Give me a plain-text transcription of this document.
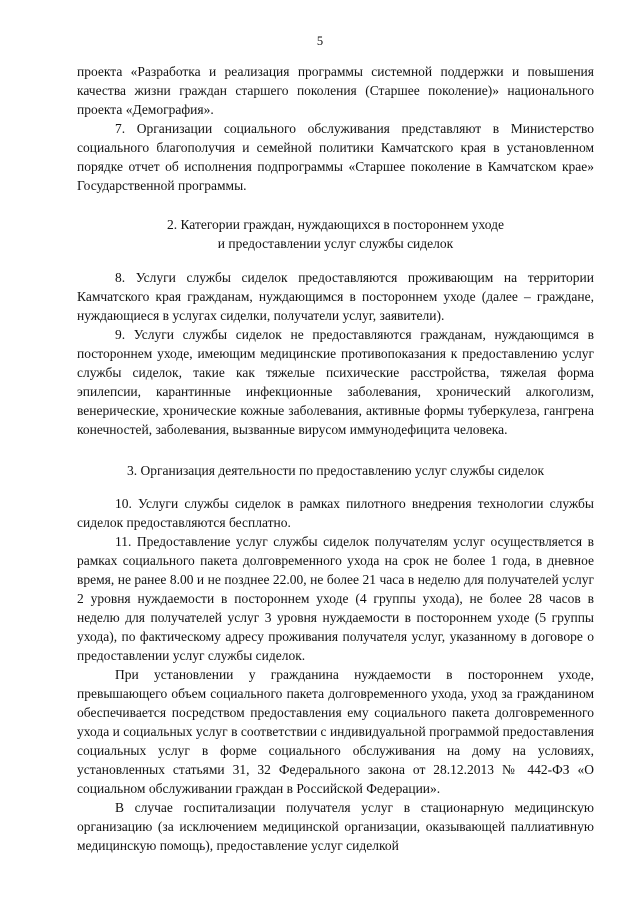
5

проекта «Разработка и реализация программы системной поддержки и повышения качества жизни граждан старшего поколения (Старшее поколение)» национального проекта «Демография».

7. Организации социального обслуживания представляют в Министерство социального благополучия и семейной политики Камчатского края в установленном порядке отчет об исполнения подпрограммы «Старшее поколение в Камчатском крае» Государственной программы.

2. Категории граждан, нуждающихся в постороннем уходе

и предоставлении услуг службы сиделок

8. Услуги службы сиделок предоставляются проживающим на территории Камчатского края гражданам, нуждающимся в постороннем уходе (далее – граждане, нуждающиеся в услугах сиделки, получатели услуг, заявители).

9. Услуги службы сиделок не предоставляются гражданам, нуждающимся в постороннем уходе, имеющим медицинские противопоказания к предоставлению услуг службы сиделок, такие как тяжелые психические расстройства, тяжелая форма эпилепсии, карантинные инфекционные заболевания, хронический алкоголизм, венерические, хронические кожные заболевания, активные формы туберкулеза, гангрена конечностей, заболевания, вызванные вирусом иммунодефицита человека.

3. Организация деятельности по предоставлению услуг службы сиделок

10. Услуги службы сиделок в рамках пилотного внедрения технологии службы сиделок предоставляются бесплатно.

11. Предоставление услуг службы сиделок получателям услуг осуществляется в рамках социального пакета долговременного ухода на срок не более 1 года, в дневное время, не ранее 8.00 и не позднее 22.00, не более 21 часа в неделю для получателей услуг 2 уровня нуждаемости в постороннем уходе (4 группы ухода), не более 28 часов в неделю для получателей услуг 3 уровня нуждаемости в постороннем уходе (5 группы ухода), по фактическому адресу проживания получателя услуг, указанному в договоре о предоставлении услуг службы сиделок.

При установлении у гражданина нуждаемости в постороннем уходе, превышающего объем социального пакета долговременного ухода, уход за гражданином обеспечивается посредством предоставления ему социального пакета долговременного ухода и социальных услуг в соответствии с индивидуальной программой предоставления социальных услуг в форме социального обслуживания на дому на условиях, установленных статьями 31, 32 Федерального закона от 28.12.2013 № 442-ФЗ «О социальном обслуживании граждан в Российской Федерации».

В случае госпитализации получателя услуг в стационарную медицинскую организацию (за исключением медицинской организации, оказывающей паллиативную медицинскую помощь), предоставление услуг сиделкой
